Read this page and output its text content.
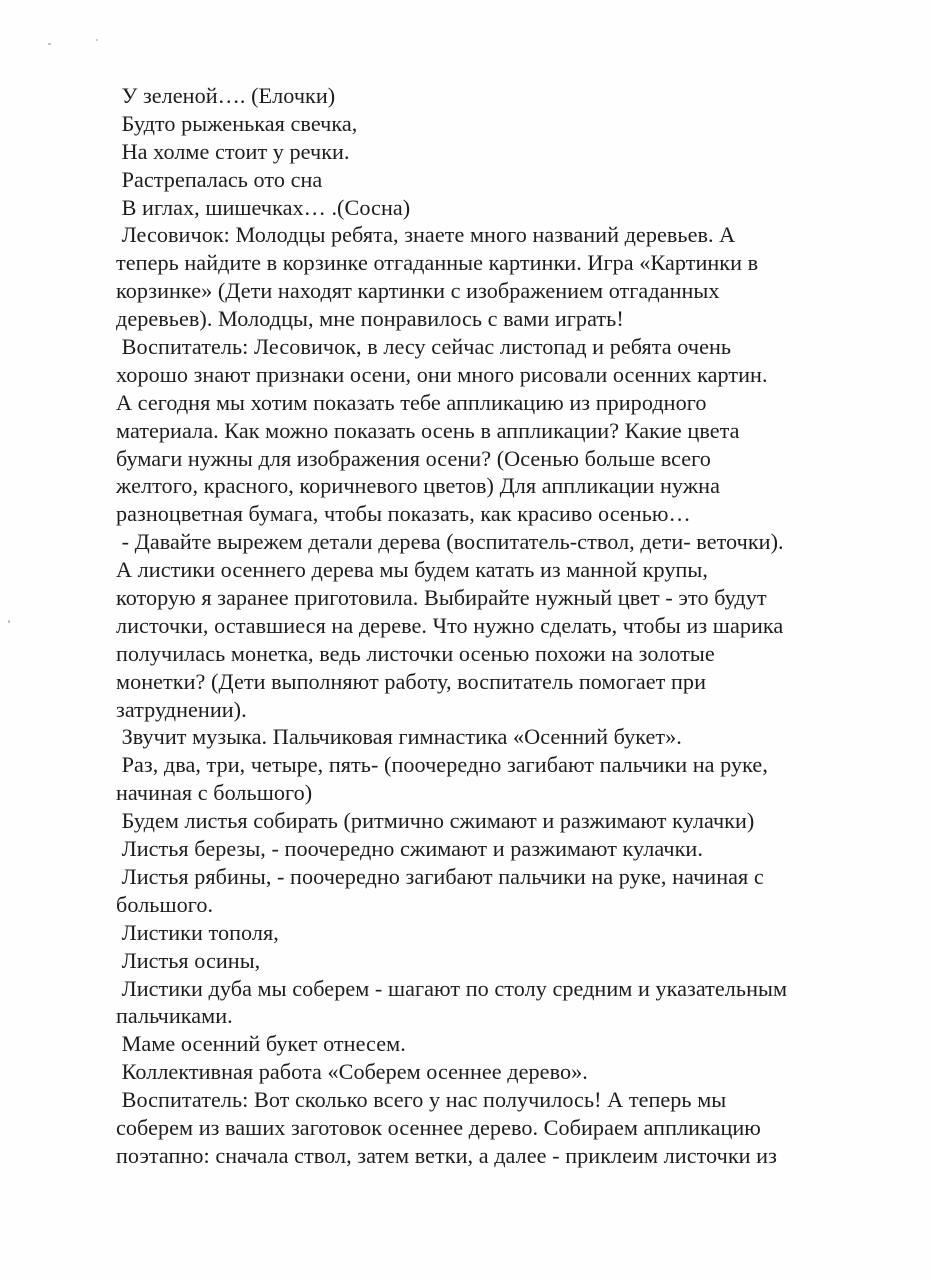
У зеленой…. (Елочки)
Будто рыженькая свечка,
На холме стоит у речки.
Растрепалась ото сна
В иглах, шишечках… .(Сосна)
Лесовичок: Молодцы ребята, знаете много названий деревьев. А
теперь найдите в корзинке отгаданные картинки. Игра «Картинки в
корзинке» (Дети находят картинки с изображением отгаданных
деревьев). Молодцы, мне понравилось с вами играть!
Воспитатель: Лесовичок, в лесу сейчас листопад и ребята очень
хорошо знают признаки осени, они много рисовали осенних картин.
А сегодня мы хотим показать тебе аппликацию из природного
материала. Как можно показать осень в аппликации? Какие цвета
бумаги нужны для изображения осени? (Осенью больше всего
желтого, красного, коричневого цветов) Для аппликации нужна
разноцветная бумага, чтобы показать, как красиво осенью…
- Давайте вырежем детали дерева (воспитатель-ствол, дети- веточки).
А листики осеннего дерева мы будем катать из манной крупы,
которую я заранее приготовила. Выбирайте нужный цвет - это будут
листочки, оставшиеся на дереве. Что нужно сделать, чтобы из шарика
получилась монетка, ведь листочки осенью похожи на золотые
монетки? (Дети выполняют работу, воспитатель помогает при
затруднении).
Звучит музыка. Пальчиковая гимнастика «Осенний букет».
Раз, два, три, четыре, пять- (поочередно загибают пальчики на руке,
начиная с большого)
Будем листья собирать (ритмично сжимают и разжимают кулачки)
Листья березы, - поочередно сжимают и разжимают кулачки.
Листья рябины, - поочередно загибают пальчики на руке, начиная с
большого.
Листики тополя,
Листья осины,
Листики дуба мы соберем - шагают по столу средним и указательным
пальчиками.
Маме осенний букет отнесем.
Коллективная работа «Соберем осеннее дерево».
Воспитатель: Вот сколько всего у нас получилось! А теперь мы
соберем из ваших заготовок осеннее дерево. Собираем аппликацию
поэтапно: сначала ствол, затем ветки, а далее - приклеим листочки из
